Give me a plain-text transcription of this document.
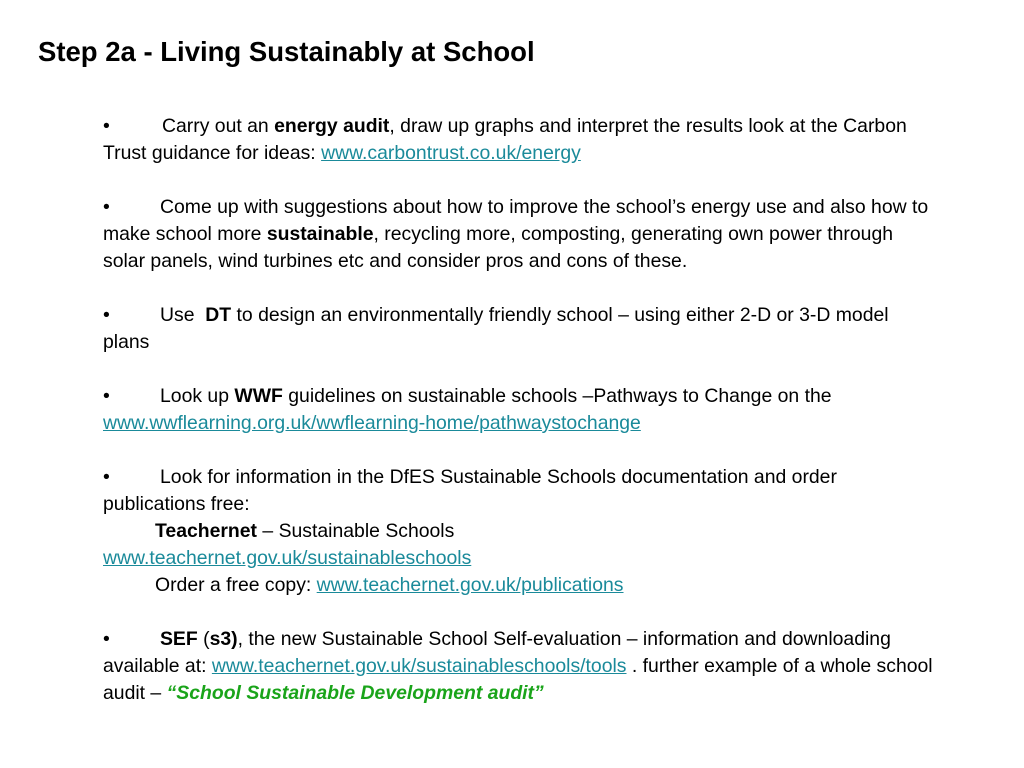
Step 2a - Living Sustainably at School

•	Carry out an energy audit, draw up graphs and interpret the results look at the Carbon Trust guidance for ideas: www.carbontrust.co.uk/energy

•	Come up with suggestions about how to improve the school’s energy use and also how to make school more sustainable, recycling more, composting, generating own power through solar panels, wind turbines etc and consider pros and cons of these.

•	Use  DT to design an environmentally friendly school – using either 2-D or 3-D model plans

•	Look up WWF guidelines on sustainable schools –Pathways to Change on the www.wwflearning.org.uk/wwflearning-home/pathwaystochange

•	Look for information in the DfES Sustainable Schools documentation and order publications free:
Teachernet – Sustainable Schools
www.teachernet.gov.uk/sustainableschools
Order a free copy: www.teachernet.gov.uk/publications

•	SEF (s3), the new Sustainable School Self-evaluation – information and downloading available at: www.teachernet.gov.uk/sustainableschools/tools . further example of a whole school audit – “School Sustainable Development audit”
